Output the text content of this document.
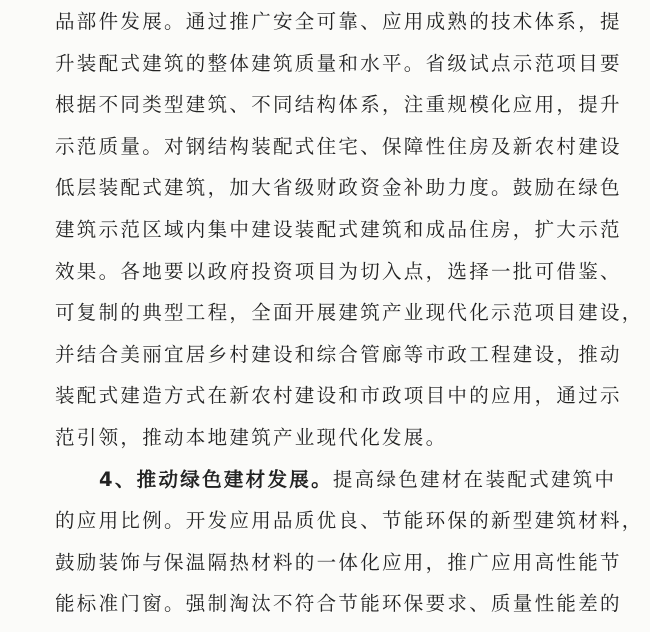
品部件发展。通过推广安全可靠、应用成熟的技术体系，提
升装配式建筑的整体建筑质量和水平。省级试点示范项目要
根据不同类型建筑、不同结构体系，注重规模化应用，提升
示范质量。对钢结构装配式住宅、保障性住房及新农村建设
低层装配式建筑，加大省级财政资金补助力度。鼓励在绿色
建筑示范区域内集中建设装配式建筑和成品住房，扩大示范
效果。各地要以政府投资项目为切入点，选择一批可借鉴、
可复制的典型工程，全面开展建筑产业现代化示范项目建设，
并结合美丽宜居乡村建设和综合管廊等市政工程建设，推动
装配式建造方式在新农村建设和市政项目中的应用，通过示
范引领，推动本地建筑产业现代化发展。
4、推动绿色建材发展。提高绿色建材在装配式建筑中
的应用比例。开发应用品质优良、节能环保的新型建筑材料，
鼓励装饰与保温隔热材料的一体化应用，推广应用高性能节
能标准门窗。强制淘汰不符合节能环保要求、质量性能差的
